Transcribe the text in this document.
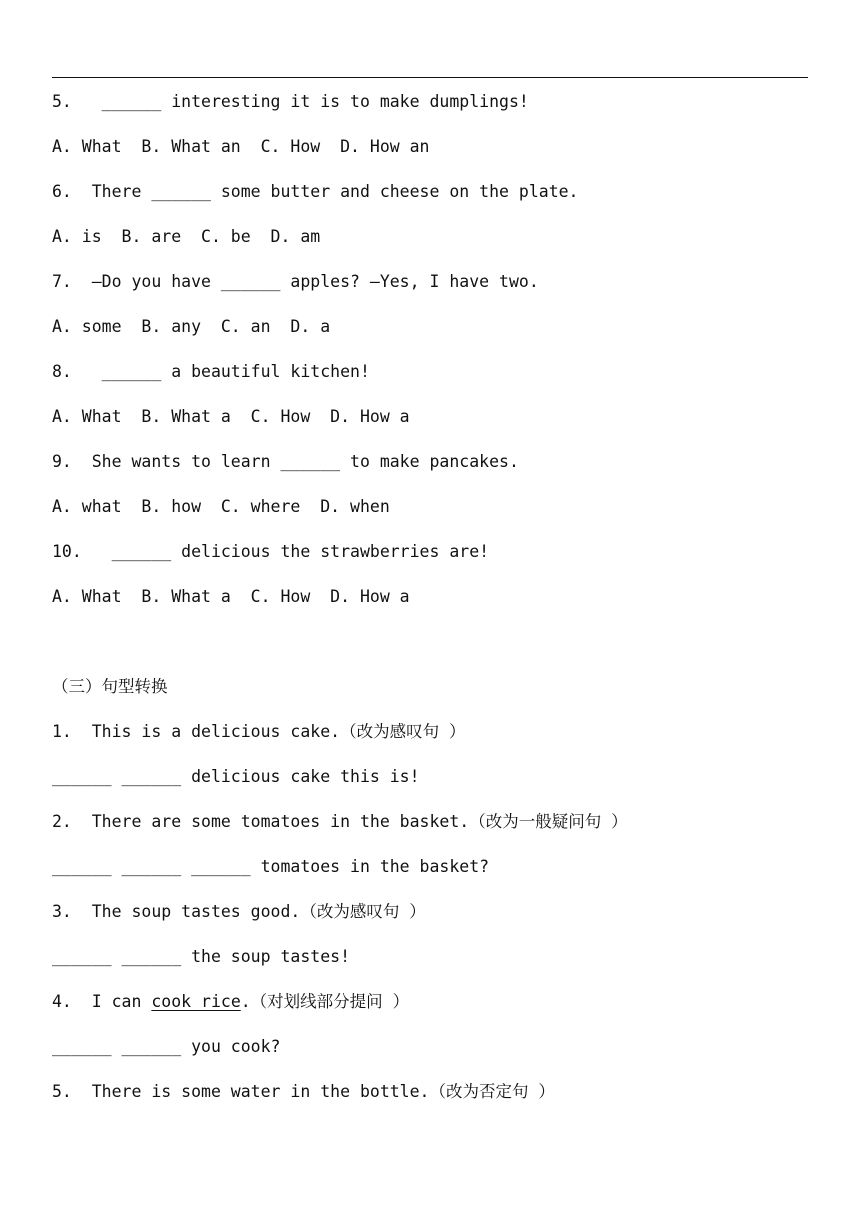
5.   ______ interesting it is to make dumplings!
A. What  B. What an  C. How  D. How an
6.  There ______ some butter and cheese on the plate.
A. is  B. are  C. be  D. am
7.  —Do you have ______ apples? —Yes, I have two.
A. some  B. any  C. an  D. a
8.   ______ a beautiful kitchen!
A. What  B. What a  C. How  D. How a
9.  She wants to learn ______ to make pancakes.
A. what  B. how  C. where  D. when
10.   ______ delicious the strawberries are!
A. What  B. What a  C. How  D. How a
（三）句型转换
1.  This is a delicious cake.（改为感叹句 ）
______ ______ delicious cake this is!
2.  There are some tomatoes in the basket.（改为一般疑问句 ）
______ ______ ______ tomatoes in the basket?
3.  The soup tastes good.（改为感叹句 ）
______ ______ the soup tastes!
4.  I can cook rice.（对划线部分提问 ）
______ ______ you cook?
5.  There is some water in the bottle.（改为否定句 ）
